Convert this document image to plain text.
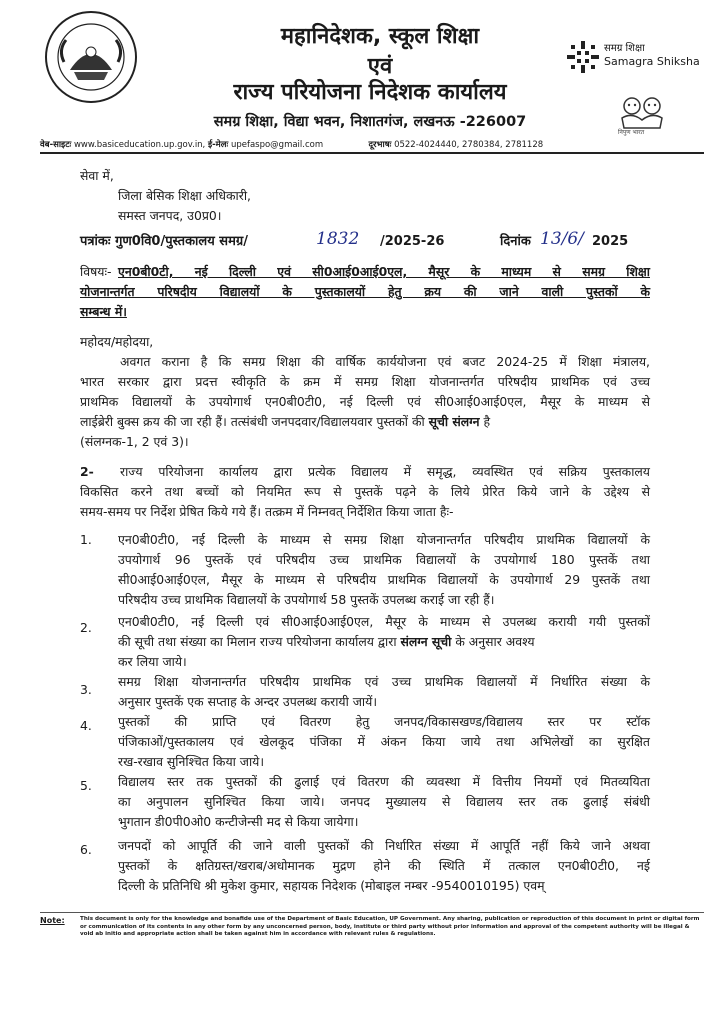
समग्र शिक्षा
Samagra Shiksha
निपुण भारत
महानिदेशक, स्कूल शिक्षा
एवं
राज्य परियोजना निदेशक कार्यालय
समग्र शिक्षा, विद्या भवन, निशातगंज, लखनऊ -226007
वेब-साइटः www.basiceducation.up.gov.in, ई-मेलः upefaspo@gmail.com	दूरभाषः 0522-4024440, 2780384, 2781128
सेवा में,
जिला बेसिक शिक्षा अधिकारी,
समस्त जनपद, उ0प्र0।
पत्रांकः गुण0वि0/पुस्तकालय समग्र/	1832 /2025-26	दिनांक 13/6/ 2025
विषयः- एन0बी0टी, नई दिल्ली एवं सी0आई0आई0एल, मैसूर के माध्यम से समग्र शिक्षा
योजनान्तर्गत परिषदीय विद्यालयों के पुस्तकालयों हेतु क्रय की जाने वाली पुस्तकों के
सम्बन्ध में।
महोदय/महोदया,
अवगत कराना है कि समग्र शिक्षा की वार्षिक कार्ययोजना एवं बजट 2024-25 में शिक्षा मंत्रालय,
भारत सरकार द्वारा प्रदत्त स्वीकृति के क्रम में समग्र शिक्षा योजनान्तर्गत परिषदीय प्राथमिक एवं उच्च
प्राथमिक विद्यालयों के उपयोगार्थ एन0बी0टी0, नई दिल्ली एवं सी0आई0आई0एल, मैसूर के माध्यम से
लाईब्रेरी बुक्स क्रय की जा रही हैं। तत्संबंधी जनपदवार/विद्यालयवार पुस्तकों की सूची संलग्न है
(संलग्नक-1, 2 एवं 3)।
2- राज्य परियोजना कार्यालय द्वारा प्रत्येक विद्यालय में समृद्ध, व्यवस्थित एवं सक्रिय पुस्तकालय
विकसित करने तथा बच्चों को नियमित रूप से पुस्तकें पढ़ने के लिये प्रेरित किये जाने के उद्देश्य से
समय-समय पर निर्देश प्रेषित किये गये हैं। तत्क्रम में निम्नवत् निर्देशित किया जाता हैः-
1. एन0बी0टी0, नई दिल्ली के माध्यम से समग्र शिक्षा योजनान्तर्गत परिषदीय प्राथमिक विद्यालयों के
उपयोगार्थ 96 पुस्तकें एवं परिषदीय उच्च प्राथमिक विद्यालयों के उपयोगार्थ 180 पुस्तकें तथा
सी0आई0आई0एल, मैसूर के माध्यम से परिषदीय प्राथमिक विद्यालयों के उपयोगार्थ 29 पुस्तकें तथा
परिषदीय उच्च प्राथमिक विद्यालयों के उपयोगार्थ 58 पुस्तकें उपलब्ध कराई जा रही हैं।
2. एन0बी0टी0, नई दिल्ली एवं सी0आई0आई0एल, मैसूर के माध्यम से उपलब्ध करायी गयी पुस्तकों
की सूची तथा संख्या का मिलान राज्य परियोजना कार्यालय द्वारा संलग्न सूची के अनुसार अवश्य
कर लिया जाये।
3.
समग्र शिक्षा योजनान्तर्गत परिषदीय प्राथमिक एवं उच्च प्राथमिक विद्यालयों में निर्धारित संख्या के
अनुसार पुस्तकें एक सप्ताह के अन्दर उपलब्ध करायी जायें।
4. पुस्तकों की प्राप्ति एवं वितरण हेतु जनपद/विकासखण्ड/विद्यालय स्तर पर स्टॉक
पंजिकाओं/पुस्तकालय एवं खेलकूद पंजिका में अंकन किया जाये तथा अभिलेखों का सुरक्षित
रख-रखाव सुनिश्चित किया जाये।
5. विद्यालय स्तर तक पुस्तकों की ढुलाई एवं वितरण की व्यवस्था में वित्तीय नियमों एवं मितव्ययिता
का अनुपालन सुनिश्चित किया जाये। जनपद मुख्यालय से विद्यालय स्तर तक ढुलाई संबंधी
भुगतान डी0पी0ओ0 कन्टीजेन्सी मद से किया जायेगा।
6. जनपदों को आपूर्ति की जाने वाली पुस्तकों की निर्धारित संख्या में आपूर्ति नहीं किये जाने अथवा
पुस्तकों के क्षतिग्रस्त/खराब/अधोमानक मुद्रण होने की स्थिति में तत्काल एन0बी0टी0, नई
दिल्ली के प्रतिनिधि श्री मुकेश कुमार, सहायक निदेशक (मोबाइल नम्बर -9540010195) एवम्
Note:	This document is only for the knowledge and bonafide use of the Department of Basic Education, UP Government. Any sharing, publication or reproduction of this document in print or digital form or communication of its contents in any other form by any unconcerned person, body, institute or third party without prior information and approval of the competent authority will be illegal & void ab initio and appropriate action shall be taken against him in accordance with relevant rules & regulations.
